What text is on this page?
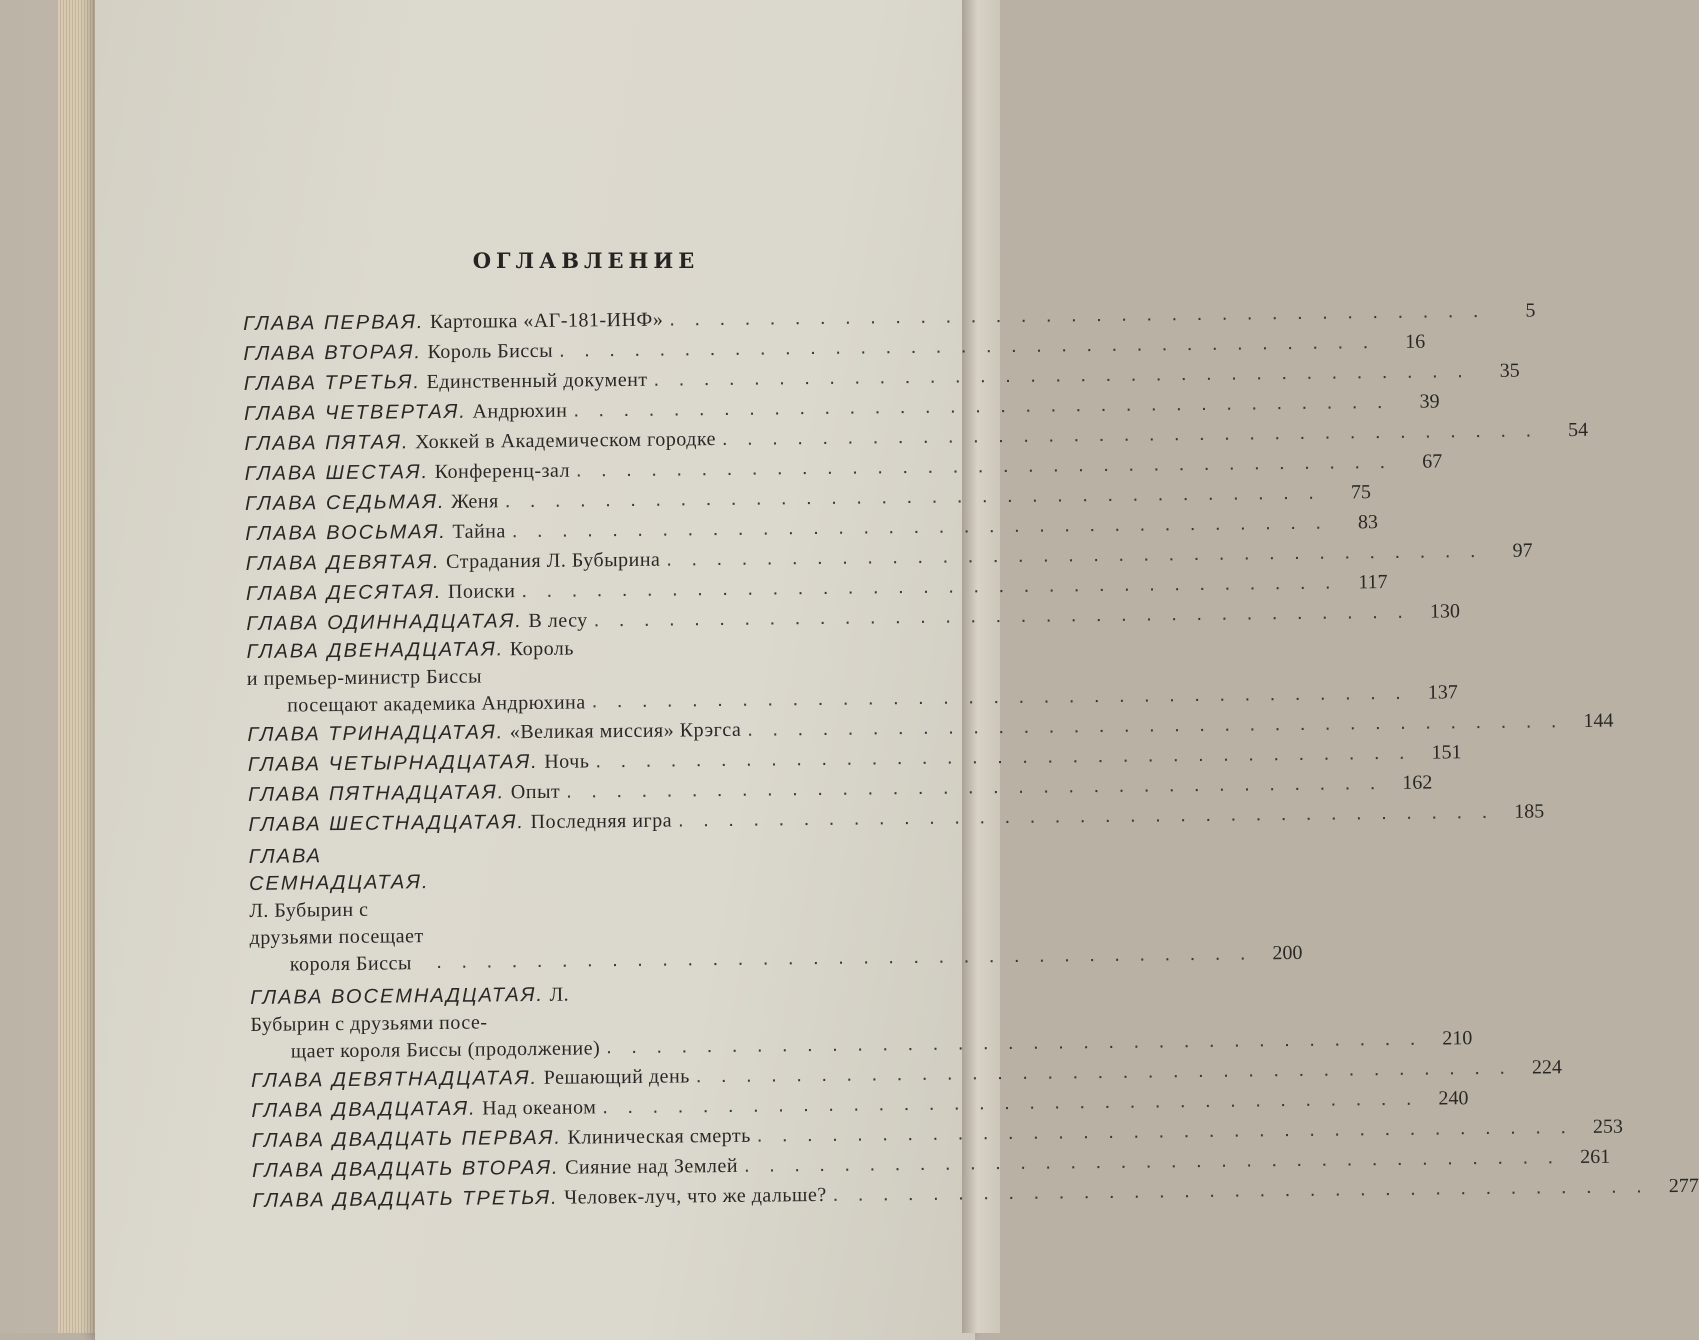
ОГЛАВЛЕНИЕ
ГЛАВА ПЕРВАЯ. Картошка «АГ-181-ИНФ» . . . . . . . . . . . . . . . . . . . . . . . . . . . . . . . . .	5
ГЛАВА ВТОРАЯ. Король Биссы . . . . . . . . . . . . . . . . . . . . . . . . . . . . . . . . .	16
ГЛАВА ТРЕТЬЯ. Единственный документ . . . . . . . . . . . . . . . . . . . . . . . . . . . . . . . . .	35
ГЛАВА ЧЕТВЕРТАЯ. Андрюхин . . . . . . . . . . . . . . . . . . . . . . . . . . . . . . . . .	39
ГЛАВА ПЯТАЯ. Хоккей в Академическом городке . . . . . . . . . . . . . . . . . . . . . . . . . . . . . . . . .	54
ГЛАВА ШЕСТАЯ. Конференц-зал . . . . . . . . . . . . . . . . . . . . . . . . . . . . . . . . .	67
ГЛАВА СЕДЬМАЯ. Женя . . . . . . . . . . . . . . . . . . . . . . . . . . . . . . . . .	75
ГЛАВА ВОСЬМАЯ. Тайна . . . . . . . . . . . . . . . . . . . . . . . . . . . . . . . . .	83
ГЛАВА ДЕВЯТАЯ. Страдания Л. Бубырина . . . . . . . . . . . . . . . . . . . . . . . . . . . . . . . . .	97
ГЛАВА ДЕСЯТАЯ. Поиски . . . . . . . . . . . . . . . . . . . . . . . . . . . . . . . . .	117
ГЛАВА ОДИННАДЦАТАЯ. В лесу . . . . . . . . . . . . . . . . . . . . . . . . . . . . . . . . . 130
ГЛАВА ДВЕНАДЦАТАЯ. Король и премьер-министр Биссы
посещают академика Андрюхина . . . . . . . . . . . . . . . . . . . . . . . . . . . . . . . . . 137
ГЛАВА ТРИНАДЦАТАЯ. «Великая миссия» Крэгса . . . . . . . . . . . . . . . . . . . . . . . . . . . . . . . . . 144
ГЛАВА ЧЕТЫРНАДЦАТАЯ. Ночь . . . . . . . . . . . . . . . . . . . . . . . . . . . . . . . . . 151
ГЛАВА ПЯТНАДЦАТАЯ. Опыт . . . . . . . . . . . . . . . . . . . . . . . . . . . . . . . . . 162
ГЛАВА ШЕСТНАДЦАТАЯ. Последняя игра . . . . . . . . . . . . . . . . . . . . . . . . . . . . . . . . . 185
ГЛАВА СЕМНАДЦАТАЯ. Л. Бубырин с друзьями посещает
короля Биссы	. . . . . . . . . . . . . . . . . . . . . . . . . . . . . . . . . 200
ГЛАВА ВОСЕМНАДЦАТАЯ. Л. Бубырин с друзьями посе-
щает короля Биссы (продолжение) . . . . . . . . . . . . . . . . . . . . . . . . . . . . . . . . . 210
ГЛАВА ДЕВЯТНАДЦАТАЯ. Решающий день . . . . . . . . . . . . . . . . . . . . . . . . . . . . . . . . . 224
ГЛАВА ДВАДЦАТАЯ. Над океаном . . . . . . . . . . . . . . . . . . . . . . . . . . . . . . . . . 240
ГЛАВА ДВАДЦАТЬ ПЕРВАЯ. Клиническая смерть . . . . . . . . . . . . . . . . . . . . . . . . . . . . . . . . . 253
ГЛАВА ДВАДЦАТЬ ВТОРАЯ. Сияние над Землей . . . . . . . . . . . . . . . . . . . . . . . . . . . . . . . . . 261
ГЛАВА ДВАДЦАТЬ ТРЕТЬЯ. Человек-луч, что же дальше? . . . . . . . . . . . . . . . . . . . . . . . . . . . . . . . . . 277
